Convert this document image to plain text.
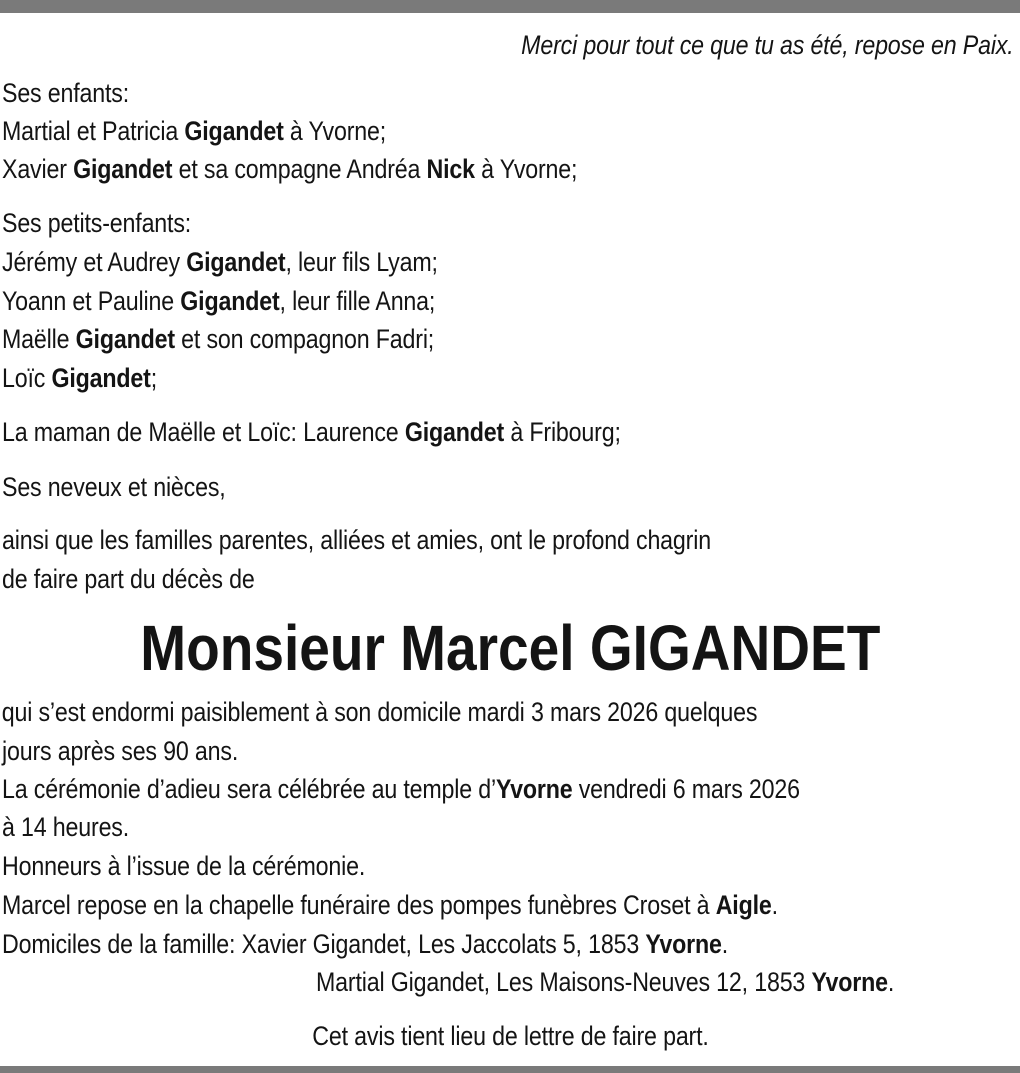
Merci pour tout ce que tu as été, repose en Paix.
Ses enfants:
Martial et Patricia Gigandet à Yvorne;
Xavier Gigandet et sa compagne Andréa Nick à Yvorne;
Ses petits-enfants:
Jérémy et Audrey Gigandet, leur fils Lyam;
Yoann et Pauline Gigandet, leur fille Anna;
Maëlle Gigandet et son compagnon Fadri;
Loïc Gigandet;
La maman de Maëlle et Loïc: Laurence Gigandet à Fribourg;
Ses neveux et nièces,
ainsi que les familles parentes, alliées et amies, ont le profond chagrin
de faire part du décès de
Monsieur Marcel GIGANDET
qui s’est endormi paisiblement à son domicile mardi 3 mars 2026 quelques
jours après ses 90 ans.
La cérémonie d’adieu sera célébrée au temple d’Yvorne vendredi 6 mars 2026
à 14 heures.
Honneurs à l’issue de la cérémonie.
Marcel repose en la chapelle funéraire des pompes funèbres Croset à Aigle.
Domiciles de la famille: Xavier Gigandet, Les Jaccolats 5, 1853 Yvorne.
Martial Gigandet, Les Maisons-Neuves 12, 1853 Yvorne.
Cet avis tient lieu de lettre de faire part.
